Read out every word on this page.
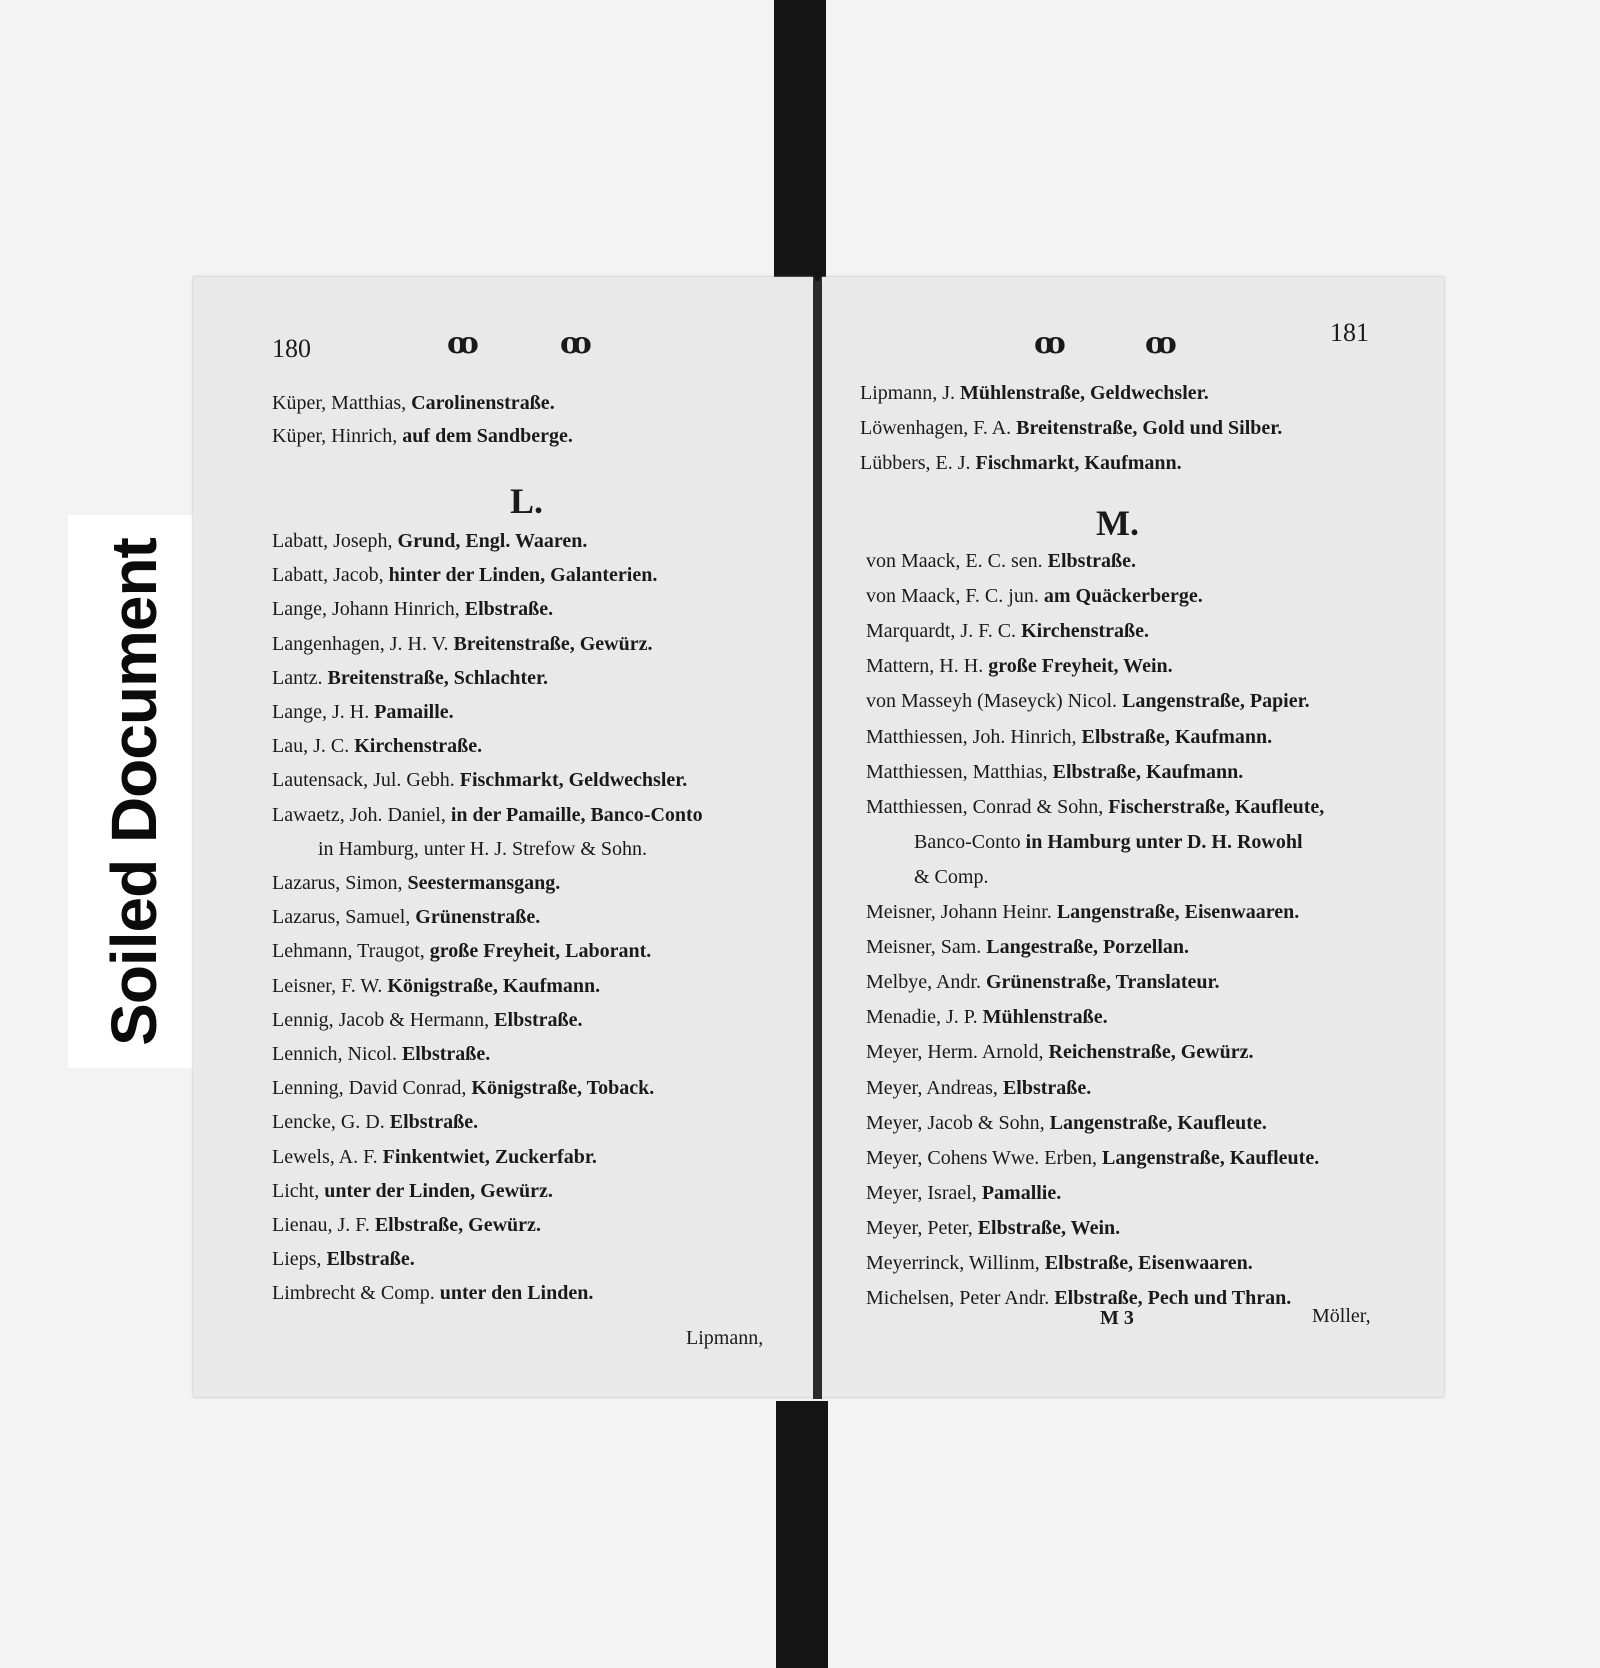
Soiled Document
180	ꝏ	ꝏ
Küper, Matthias, Carolinenstraße.
Küper, Hinrich, auf dem Sandberge.
L.
Labatt, Joseph, Grund, Engl. Waaren.
Labatt, Jacob, hinter der Linden, Galanterien.
Lange, Johann Hinrich, Elbstraße.
Langenhagen, J. H. V. Breitenstraße, Gewürz.
Lantz. Breitenstraße, Schlachter.
Lange, J. H. Pamaille.
Lau, J. C. Kirchenstraße.
Lautensack, Jul. Gebh. Fischmarkt, Geldwechsler.
Lawaetz, Joh. Daniel, in der Pamaille, Banco-Conto
in Hamburg, unter H. J. Strefow & Sohn.
Lazarus, Simon, Seestermansgang.
Lazarus, Samuel, Grünenstraße.
Lehmann, Traugot, große Freyheit, Laborant.
Leisner, F. W. Königstraße, Kaufmann.
Lennig, Jacob & Hermann, Elbstraße.
Lennich, Nicol. Elbstraße.
Lenning, David Conrad, Königstraße, Toback.
Lencke, G. D. Elbstraße.
Lewels, A. F. Finkentwiet, Zuckerfabr.
Licht, unter der Linden, Gewürz.
Lienau, J. F. Elbstraße, Gewürz.
Lieps, Elbstraße.
Limbrecht & Comp. unter den Linden.
Lipmann,
ꝏ	ꝏ	181
Lipmann, J. Mühlenstraße, Geldwechsler.
Löwenhagen, F. A. Breitenstraße, Gold und Silber.
Lübbers, E. J. Fischmarkt, Kaufmann.
M.
von Maack, E. C. sen. Elbstraße.
von Maack, F. C. jun. am Quäckerberge.
Marquardt, J. F. C. Kirchenstraße.
Mattern, H. H. große Freyheit, Wein.
von Masseyh (Maseyck) Nicol. Langenstraße, Papier.
Matthiessen, Joh. Hinrich, Elbstraße, Kaufmann.
Matthiessen, Matthias, Elbstraße, Kaufmann.
Matthiessen, Conrad & Sohn, Fischerstraße, Kaufleute,
Banco-Conto in Hamburg unter D. H. Rowohl
& Comp.
Meisner, Johann Heinr. Langenstraße, Eisenwaaren.
Meisner, Sam. Langestraße, Porzellan.
Melbye, Andr. Grünenstraße, Translateur.
Menadie, J. P. Mühlenstraße.
Meyer, Herm. Arnold, Reichenstraße, Gewürz.
Meyer, Andreas, Elbstraße.
Meyer, Jacob & Sohn, Langenstraße, Kaufleute.
Meyer, Cohens Wwe. Erben, Langenstraße, Kaufleute.
Meyer, Israel, Pamallie.
Meyer, Peter, Elbstraße, Wein.
Meyerrinck, Willinm, Elbstraße, Eisenwaaren.
Michelsen, Peter Andr. Elbstraße, Pech und Thran.
M 3	Möller,
